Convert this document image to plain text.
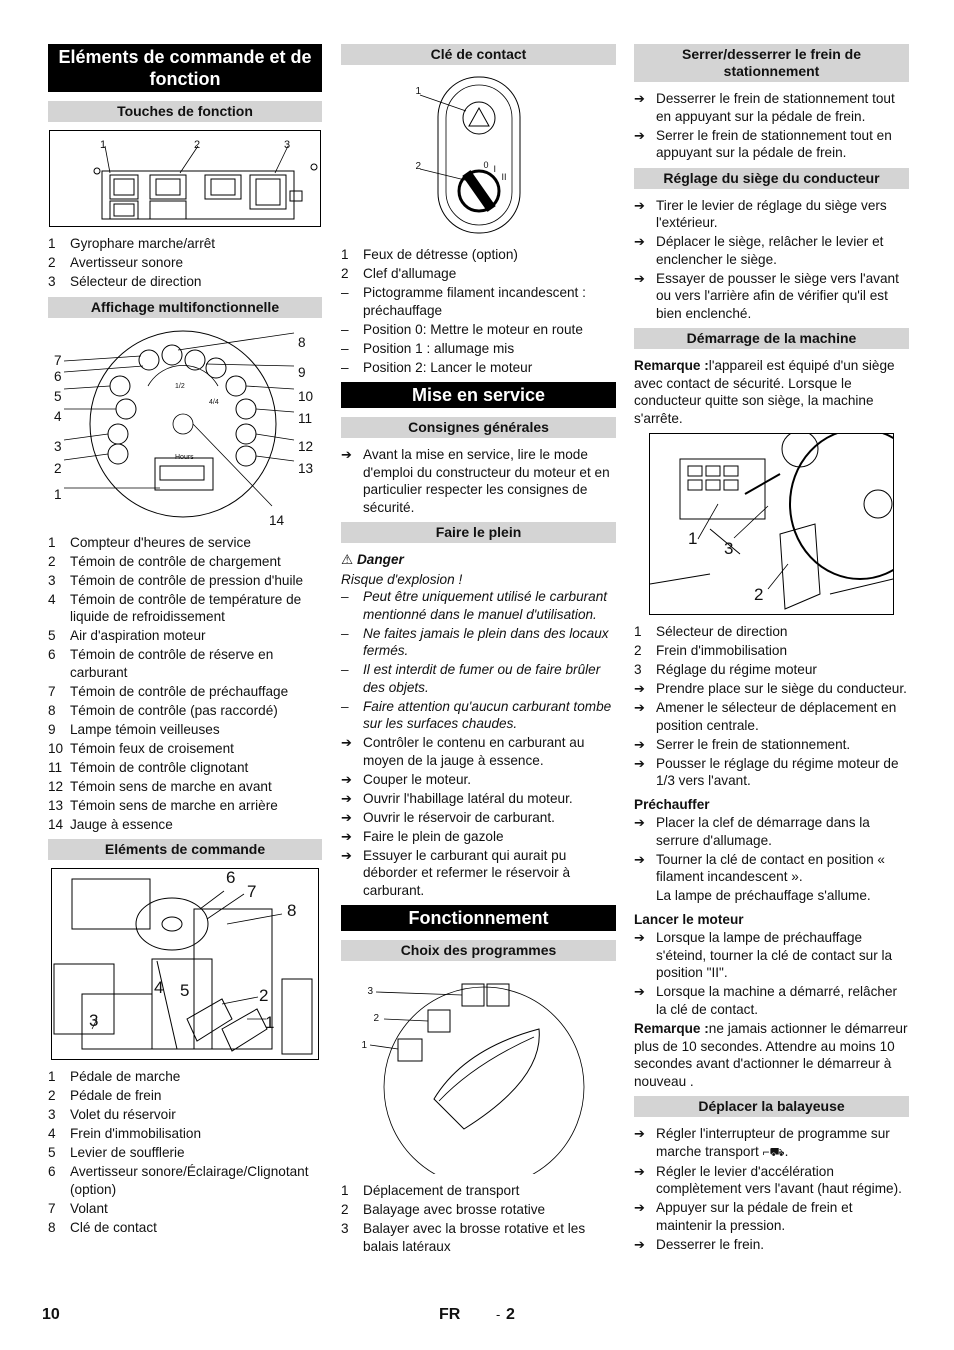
Eléments de commande et de fonction
Touches de fonction
1	2	3
1 Gyrophare marche/arrêt
2 Avertisseur sonore
3 Sélecteur de direction
Affichage multifonctionnelle
1/2
4/4
Hours
7
6
5
4
3
2
1
8
9
10
11
12
13
14
1 Compteur d'heures de service
2 Témoin de contrôle de chargement
3 Témoin de contrôle de pression d'huile
4 Témoin de contrôle de température de liquide de refroidissement
5 Air d'aspiration moteur
6 Témoin de contrôle de réserve en carburant
7 Témoin de contrôle de préchauffage
8 Témoin de contrôle (pas raccordé)
9 Lampe témoin veilleuses
10 Témoin feux de croisement
11 Témoin de contrôle clignotant
12 Témoin sens de marche en avant
13 Témoin sens de marche en arrière
14 Jauge à essence
Eléments de commande
6
7
8
4 5	2
1
3
1 Pédale de marche
2 Pédale de frein
3 Volet du réservoir
4 Frein d'immobilisation
5 Levier de soufflerie
6 Avertisseur sonore/Éclairage/Clignotant (option)
7 Volant
8 Clé de contact
Clé de contact
1
2	0 I
II
1 Feux de détresse (option)
2 Clef d'allumage
– Pictogramme filament incandescent : préchauffage
– Position 0: Mettre le moteur en route
– Position 1 : allumage mis
– Position 2: Lancer le moteur
Mise en service
Consignes générales
➔ Avant la mise en service, lire le mode d'emploi du constructeur du moteur et en particulier respecter les consignes de sécurité.
Faire le plein
⚠ Danger
Risque d'explosion !
– Peut être uniquement utilisé le carburant mentionné dans le manuel d'utilisation.
– Ne faites jamais le plein dans des locaux fermés.
– Il est interdit de fumer ou de faire brûler des objets.
– Faire attention qu'aucun carburant tombe sur les surfaces chaudes.
➔ Contrôler le contenu en carburant au moyen de la jauge à essence.
➔ Couper le moteur.
➔ Ouvrir l'habillage latéral du moteur.
➔ Ouvrir le réservoir de carburant.
➔ Faire le plein de gazole
➔ Essuyer le carburant qui aurait pu déborder et refermer le réservoir à carburant.
Fonctionnement
Choix des programmes
3
2
1
1 Déplacement de transport
2 Balayage avec brosse rotative
3 Balayer avec la brosse rotative et les balais latéraux
Serrer/desserrer le frein de stationnement
➔ Desserrer le frein de stationnement tout en appuyant sur la pédale de frein.
➔ Serrer le frein de stationnement tout en appuyant sur la pédale de frein.
Réglage du siège du conducteur
➔ Tirer le levier de réglage du siège vers l'extérieur.
➔ Déplacer le siège, relâcher le levier et enclencher le siège.
➔ Essayer de pousser le siège vers l'avant ou vers l'arrière afin de vérifier qu'il est bien enclenché.
Démarrage de la machine

Remarque :l'appareil est équipé d'un siège avec contact de sécurité. Lorsque le conducteur quitte son siège, la machine s'arrête.

1
3
2
1 Sélecteur de direction
2 Frein d'immobilisation
3 Réglage du régime moteur
➔ Prendre place sur le siège du conducteur.
➔ Amener le sélecteur de déplacement en position centrale.
➔ Serrer le frein de stationnement.
➔ Pousser le réglage du régime moteur de 1/3 vers l'avant.
Préchauffer
➔ Placer la clef de démarrage dans la serrure d'allumage.
➔ Tourner la clé de contact en position « filament incandescent ».
La lampe de préchauffage s'allume.
Lancer le moteur
➔ Lorsque la lampe de préchauffage s'éteind, tourner la clé de contact sur la position "II".
➔ Lorsque la machine a démarré, relâcher la clé de contact.

Remarque :ne jamais actionner le démarreur plus de 10 secondes. Attendre au moins 10 secondes avant d'actionner le démarreur à nouveau .

Déplacer la balayeuse
➔ Régler l'interrupteur de programme sur marche transport ⌐⛟.
➔ Régler le levier d'accélération complètement vers l'avant (haut régime).
➔ Appuyer sur la pédale de frein et maintenir la pression.
➔ Desserrer le frein.
10	FR	- 2
